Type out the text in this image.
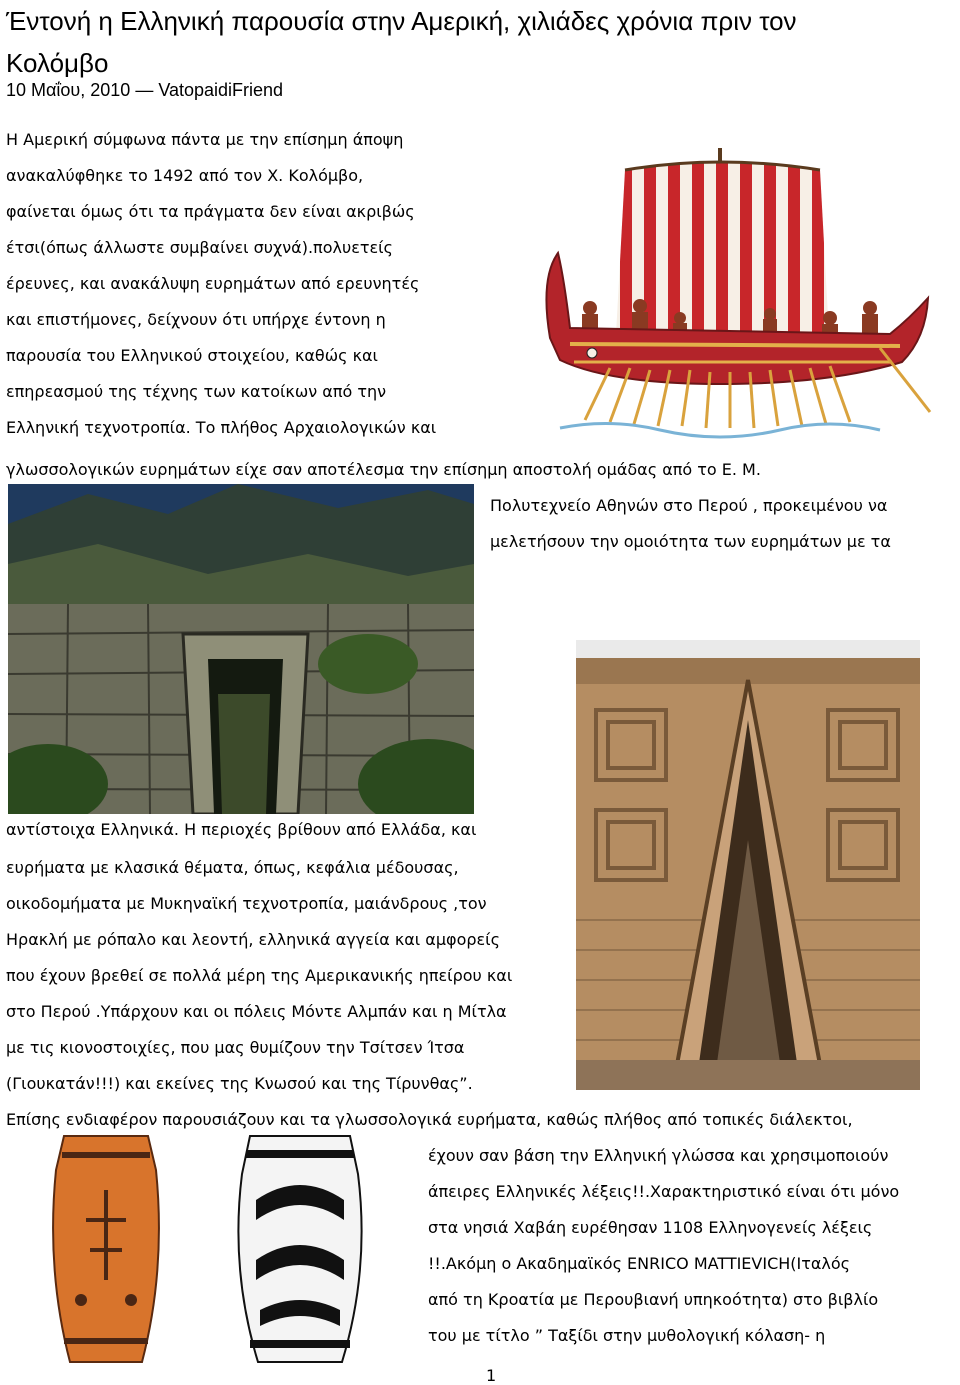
Έντονή η Ελληνική παρουσία στην Αμερική, χιλιάδες χρόνια πριν τον Κολόμβο
10 Μαΐου, 2010 — VatopaidiFriend
Η Αμερική σύμφωνα πάντα με την επίσημη άποψη
ανακαλύφθηκε το 1492 από τον Χ. Κολόμβο,
φαίνεται όμως ότι τα πράγματα δεν είναι ακριβώς
έτσι(όπως άλλωστε συμβαίνει συχνά).πολυετείς
έρευνες, και ανακάλυψη ευρημάτων από ερευνητές
και επιστήμονες, δείχνουν ότι υπήρχε έντονη η
παρουσία του Ελληνικού στοιχείου, καθώς και
επηρεασμού της τέχνης των κατοίκων από την
Ελληνική τεχνοτροπία. Το πλήθος Αρχαιολογικών και
γλωσσολογικών ευρημάτων είχε σαν αποτέλεσμα την επίσημη αποστολή ομάδας από το Ε. Μ.
Πολυτεχνείο Αθηνών στο Περού , προκειμένου να
μελετήσουν την ομοιότητα των ευρημάτων με τα
αντίστοιχα Ελληνικά. Η περιοχές βρίθουν από Ελλάδα, και
ευρήματα με κλασικά θέματα, όπως, κεφάλια μέδουσας,
οικοδομήματα με Μυκηναϊκή τεχνοτροπία, μαιάνδρους ,τον
Ηρακλή με ρόπαλο και λεοντή, ελληνικά αγγεία και αμφορείς
που έχουν βρεθεί σε πολλά μέρη της Αμερικανικής ηπείρου και
στο Περού .Υπάρχουν και οι πόλεις Μόντε Αλμπάν και η Μίτλα
με τις κιονοστοιχίες, που μας θυμίζουν την Τσίτσεν Ίτσα
(Γιουκατάν!!!) και εκείνες της Κνωσού και της Τίρυνθας”.
Επίσης ενδιαφέρον παρουσιάζουν και τα γλωσσολογικά ευρήματα, καθώς πλήθος από τοπικές διάλεκτοι,
έχουν σαν βάση την Ελληνική γλώσσα και χρησιμοποιούν
άπειρες Ελληνικές λέξεις!!.Χαρακτηριστικό είναι ότι μόνο
στα νησιά Χαβάη ευρέθησαν 1108 Ελληνογενείς λέξεις
!!.Ακόμη ο Ακαδημαϊκός ENRICO MATTIEVICH(Ιταλός
από τη Κροατία με Περουβιανή υπηκοότητα) στο βιβλίο
του με τίτλο ” Ταξίδι στην μυθολογική κόλαση- η
1
